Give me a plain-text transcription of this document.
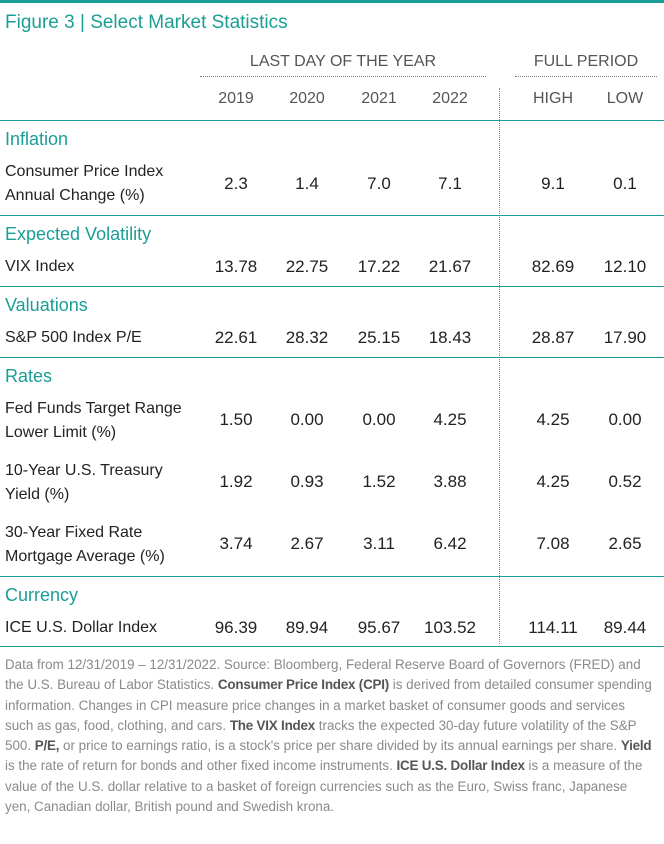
Figure 3 | Select Market Statistics
LAST DAY OF THE YEAR	FULL PERIOD
2019	2020	2021	2022	HIGH	LOW
Inflation
Consumer Price Index
Annual Change (%)
2.3	1.4	7.0	7.1	9.1	0.1
Expected Volatility
VIX Index	13.78	22.75	17.22	21.67	82.69	12.10
Valuations
S&P 500 Index P/E	22.61	28.32	25.15	18.43	28.87	17.90
Rates
Fed Funds Target Range
Lower Limit (%)
1.50	0.00	0.00	4.25	4.25	0.00
10-Year U.S. Treasury
Yield (%)
1.92	0.93	1.52	3.88	4.25	0.52
30-Year Fixed Rate
Mortgage Average (%)
3.74	2.67	3.11	6.42	7.08	2.65
Currency
ICE U.S. Dollar Index	96.39	89.94	95.67	103.52	114.11	89.44
Data from 12/31/2019 – 12/31/2022. Source: Bloomberg, Federal Reserve Board of Governors (FRED) and the U.S. Bureau of Labor Statistics. Consumer Price Index (CPI) is derived from detailed consumer spending information. Changes in CPI measure price changes in a market basket of consumer goods and services such as gas, food, clothing, and cars. The VIX Index tracks the expected 30-day future volatility of the S&P 500. P/E, or price to earnings ratio, is a stock's price per share divided by its annual earnings per share. Yield is the rate of return for bonds and other fixed income instruments. ICE U.S. Dollar Index is a measure of the value of the U.S. dollar relative to a basket of foreign currencies such as the Euro, Swiss franc, Japanese yen, Canadian dollar, British pound and Swedish krona.
